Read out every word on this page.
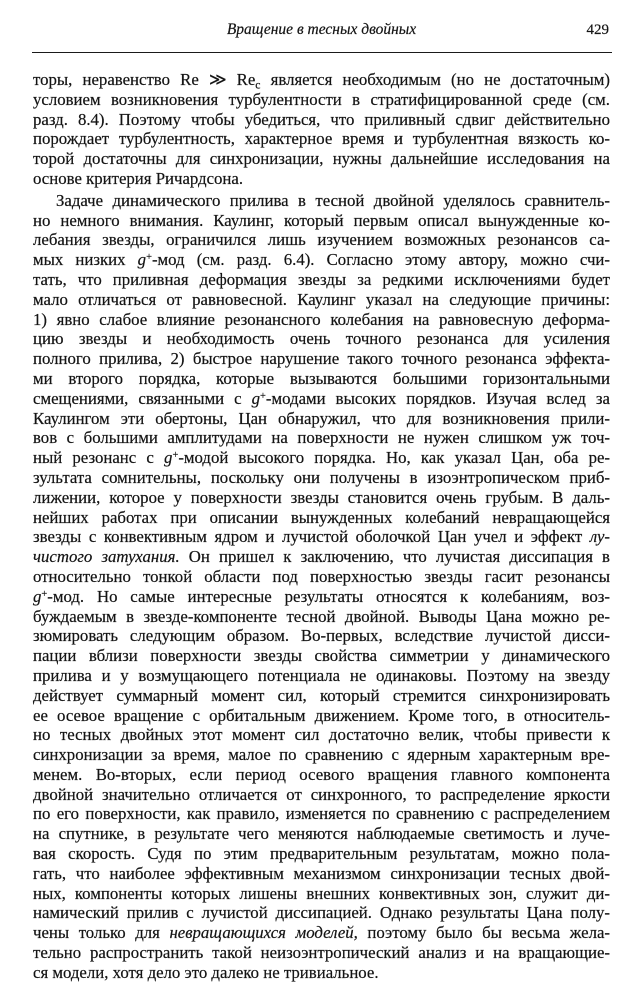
Вращение в тесных двойных	429
торы, неравенство Re ≫ $Re_c$ является необходимым (но не достаточным)
условием возникновения турбулентности в стратифицированной среде (см.
разд. 8.4). Поэтому чтобы убедиться, что приливный сдвиг действительно
порождает турбулентность, характерное время и турбулентная вязкость ко-
торой достаточны для синхронизации, нужны дальнейшие исследования на
основе критерия Ричардсона.
Задаче динамического прилива в тесной двойной уделялось сравнитель-
но немного внимания. Каулинг, который первым описал вынужденные ко-
лебания звезды, ограничился лишь изучением возможных резонансов са-
мых низких g+-мод (см. разд. 6.4). Согласно этому автору, можно счи-
тать, что приливная деформация звезды за редкими исключениями будет
мало отличаться от равновесной. Каулинг указал на следующие причины:
1) явно слабое влияние резонансного колебания на равновесную деформа-
цию звезды и необходимость очень точного резонанса для усиления
полного прилива, 2) быстрое нарушение такого точного резонанса эффекта-
ми второго порядка, которые вызываются большими горизонтальными
смещениями, связанными с g+-модами высоких порядков. Изучая вслед за
Каулингом эти обертоны, Цан обнаружил, что для возникновения прили-
вов с большими амплитудами на поверхности не нужен слишком уж точ-
ный резонанс с g+-модой высокого порядка. Но, как указал Цан, оба ре-
зультата сомнительны, поскольку они получены в изоэнтропическом приб-
лижении, которое у поверхности звезды становится очень грубым. В даль-
нейших работах при описании вынужденных колебаний невращающейся
звезды с конвективным ядром и лучистой оболочкой Цан учел и эффект лу-
чистого затухания. Он пришел к заключению, что лучистая диссипация в
относительно тонкой области под поверхностью звезды гасит резонансы
g+-мод. Но самые интересные результаты относятся к колебаниям, воз-
буждаемым в звезде-компоненте тесной двойной. Выводы Цана можно ре-
зюмировать следующим образом. Во-первых, вследствие лучистой дисси-
пации вблизи поверхности звезды свойства симметрии у динамического
прилива и у возмущающего потенциала не одинаковы. Поэтому на звезду
действует суммарный момент сил, который стремится синхронизировать
ее осевое вращение с орбитальным движением. Кроме того, в относитель-
но тесных двойных этот момент сил достаточно велик, чтобы привести к
синхронизации за время, малое по сравнению с ядерным характерным вре-
менем. Во-вторых, если период осевого вращения главного компонента
двойной значительно отличается от синхронного, то распределение яркости
по его поверхности, как правило, изменяется по сравнению с распределением
на спутнике, в результате чего меняются наблюдаемые светимость и луче-
вая скорость. Судя по этим предварительным результатам, можно пола-
гать, что наиболее эффективным механизмом синхронизации тесных двой-
ных, компоненты которых лишены внешних конвективных зон, служит ди-
намический прилив с лучистой диссипацией. Однако результаты Цана полу-
чены только для невращающихся моделей, поэтому было бы весьма жела-
тельно распространить такой неизоэнтропический анализ и на вращающие-
ся модели, хотя дело это далеко не тривиальное.
